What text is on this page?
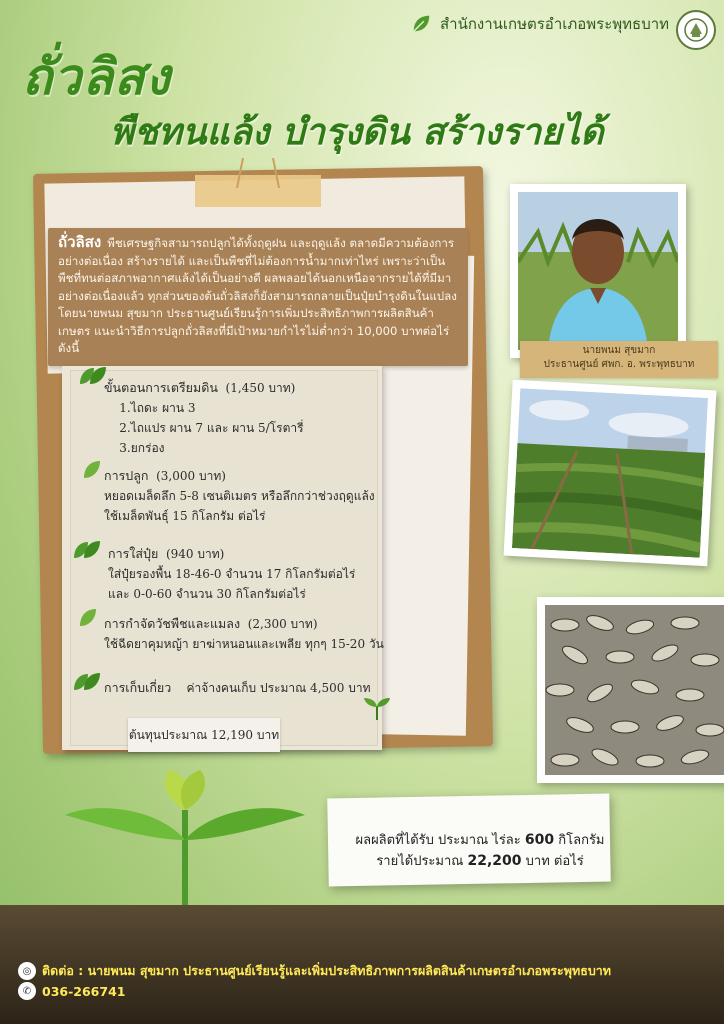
สำนักงานเกษตรอำเภอพระพุทธบาท
ถั่วลิสง
พืชทนแล้ง บำรุงดิน สร้างรายได้
ถั่วลิสง พืชเศรษฐกิจสามารถปลูกได้ทั้งฤดูฝน และฤดูแล้ง ตลาดมีความต้องการอย่างต่อเนื่อง สร้างรายได้ และเป็นพืชที่ไม่ต้องการน้ำมากเท่าไหร่ เพราะว่าเป็นพืชที่ทนต่อสภาพอากาศแล้งได้เป็นอย่างดี ผลพลอยได้นอกเหนือจากรายได้ที่มีมาอย่างต่อเนื่องแล้ว ทุกส่วนของต้นถั่วลิสงก็ยังสามารถกลายเป็นปุ๋ยบำรุงดินในแปลง โดยนายพนม สุขมาก ประธานศูนย์เรียนรู้การเพิ่มประสิทธิภาพการผลิตสินค้าเกษตร แนะนำวิธีการปลูกถั่วลิสงที่มีเป้าหมายกำไรไม่ต่ำกว่า 10,000 บาทต่อไร่ ดังนี้
ขั้นตอนการเตรียมดิน (1,450 บาท)
1.ไถดะ ผาน 3
2.ไถแปร ผาน 7 และ ผาน 5/โรตารี่
3.ยกร่อง
การปลูก (3,000 บาท)
หยอดเมล็ดลึก 5-8 เซนติเมตร หรือลึกกว่าช่วงฤดูแล้ง
ใช้เมล็ดพันธุ์ 15 กิโลกรัม ต่อไร่
การใส่ปุ๋ย (940 บาท)
ใส่ปุ๋ยรองพื้น 18-46-0 จำนวน 17 กิโลกรัมต่อไร่
และ 0-0-60 จำนวน 30 กิโลกรัมต่อไร่
การกำจัดวัชพืชและแมลง (2,300 บาท)
ใช้ฉีดยาคุมหญ้า ยาฆ่าหนอนและเพลีย ทุกๆ 15-20 วัน
การเก็บเกี่ยว ค่าจ้างคนเก็บ ประมาณ 4,500 บาท
ต้นทุนประมาณ 12,190 บาท
นายพนม สุขมาก
ประธานศูนย์ ศพก. อ. พระพุทธบาท
ผลผลิตที่ได้รับ ประมาณ ไร่ละ 600 กิโลกรัม
รายได้ประมาณ 22,200 บาท ต่อไร่
◎ ติดต่อ : นายพนม สุขมาก ประธานศูนย์เรียนรู้และเพิ่มประสิทธิภาพการผลิตสินค้าเกษตรอำเภอพระพุทธบาท
✆ 036-266741
